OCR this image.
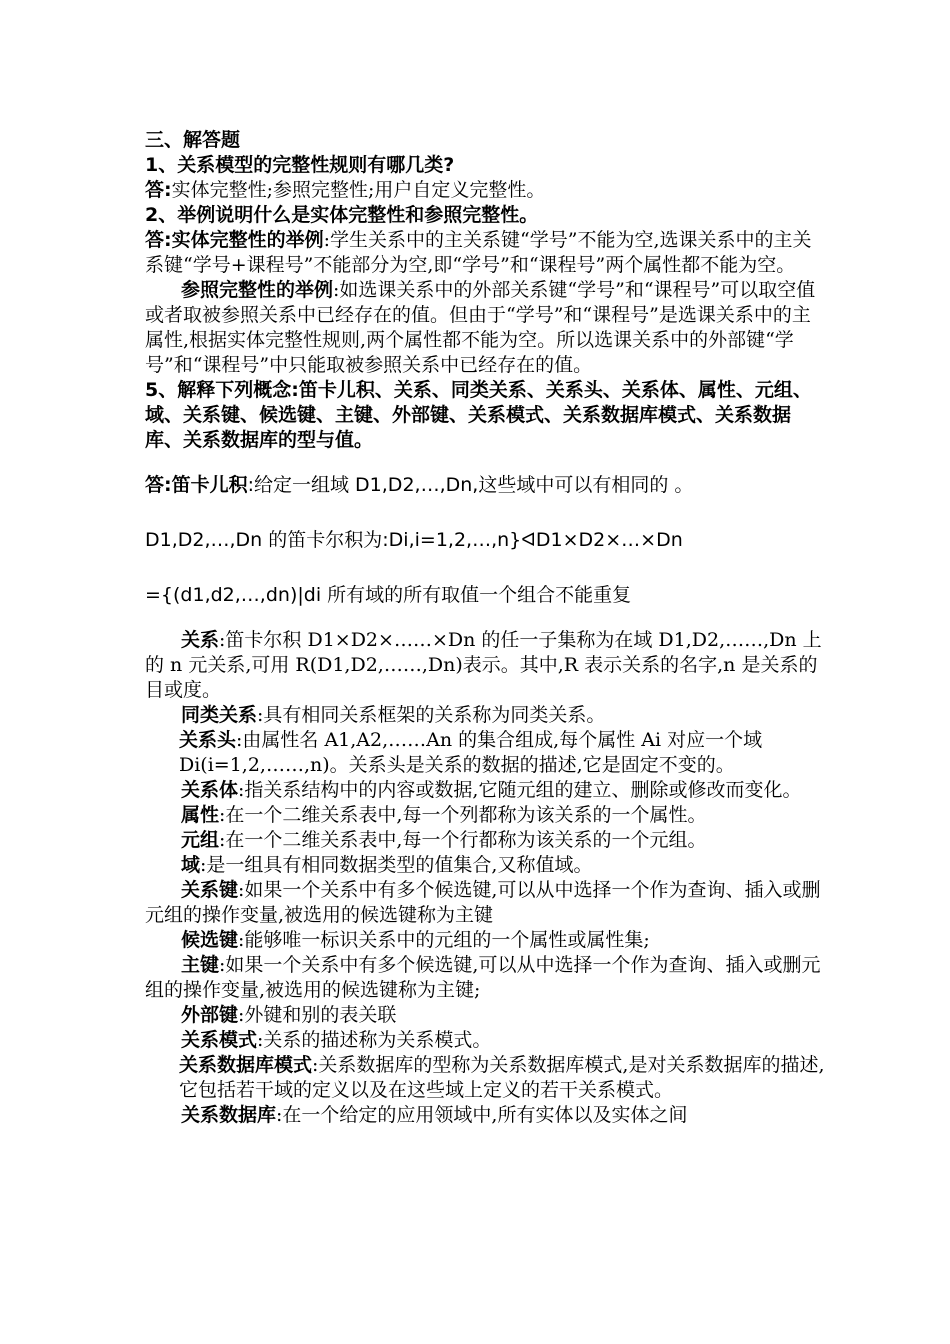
三、解答题

1、关系模型的完整性规则有哪几类?

答:实体完整性;参照完整性;用户自定义完整性。

2、举例说明什么是实体完整性和参照完整性。

答:实体完整性的举例:学生关系中的主关系键“学号”不能为空,选课关系中的主关系键“学号+课程号”不能部分为空,即“学号”和“课程号”两个属性都不能为空。

参照完整性的举例:如选课关系中的外部关系键“学号”和“课程号”可以取空值或者取被参照关系中已经存在的值。但由于“学号”和“课程号”是选课关系中的主属性,根据实体完整性规则,两个属性都不能为空。所以选课关系中的外部键“学号”和“课程号”中只能取被参照关系中已经存在的值。

5、解释下列概念:笛卡儿积、关系、同类关系、关系头、关系体、属性、元组、域、关系键、候选键、主键、外部键、关系模式、关系数据库模式、关系数据库、关系数据库的型与值。

答:笛卡儿积:给定一组域 D1,D2,…,Dn,这些域中可以有相同的 。

D1,D2,…,Dn 的笛卡尔积为:Di,i=1,2,…,n}ᐊD1×D2×…×Dn

={(d1,d2,…,dn)|di 所有域的所有取值一个组合不能重复

关系:笛卡尔积 D1×D2×……×Dn 的任一子集称为在域 D1,D2,……,Dn 上的 n 元关系,可用 R(D1,D2,……,Dn)表示。其中,R 表示关系的名字,n 是关系的目或度。

同类关系:具有相同关系框架的关系称为同类关系。

关系头:由属性名 A1,A2,……An 的集合组成,每个属性 Ai 对应一个域 Di(i=1,2,……,n)。关系头是关系的数据的描述,它是固定不变的。

关系体:指关系结构中的内容或数据,它随元组的建立、删除或修改而变化。

属性:在一个二维关系表中,每一个列都称为该关系的一个属性。

元组:在一个二维关系表中,每一个行都称为该关系的一个元组。

域:是一组具有相同数据类型的值集合,又称值域。

关系键:如果一个关系中有多个候选键,可以从中选择一个作为查询、插入或删元组的操作变量,被选用的候选键称为主键

候选键:能够唯一标识关系中的元组的一个属性或属性集;

主键:如果一个关系中有多个候选键,可以从中选择一个作为查询、插入或删元组的操作变量,被选用的候选键称为主键;

外部键:外键和别的表关联

关系模式:关系的描述称为关系模式。

关系数据库模式:关系数据库的型称为关系数据库模式,是对关系数据库的描述,它包括若干域的定义以及在这些域上定义的若干关系模式。

关系数据库:在一个给定的应用领域中,所有实体以及实体之间
